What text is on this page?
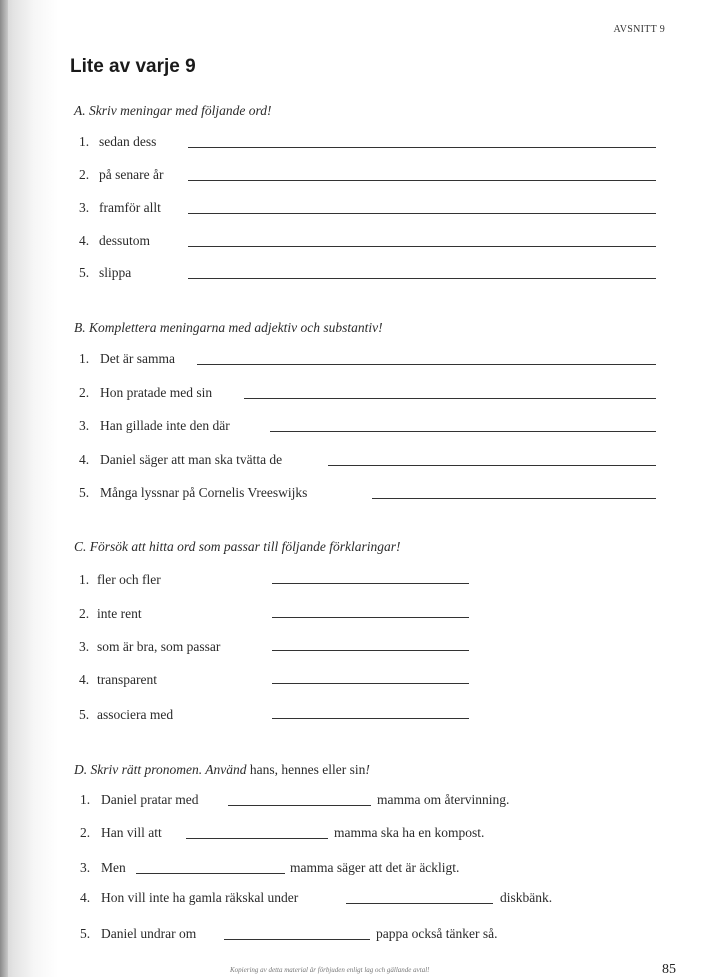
AVSNITT 9
Lite av varje 9
A. Skriv meningar med följande ord!
1. sedan dess
2. på senare år
3. framför allt
4. dessutom
5. slippa
B. Komplettera meningarna med adjektiv och substantiv!
1. Det är samma
2. Hon pratade med sin
3. Han gillade inte den där
4. Daniel säger att man ska tvätta de
5. Många lyssnar på Cornelis Vreeswijks
C. Försök att hitta ord som passar till följande förklaringar!
1. fler och fler
2. inte rent
3. som är bra, som passar
4. transparent
5. associera med
D. Skriv rätt pronomen. Använd hans, hennes eller sin!
1. Daniel pratar med	mamma om återvinning.
2. Han vill att	mamma ska ha en kompost.
3. Men	mamma säger att det är äckligt.
4. Hon vill inte ha gamla räkskal under	diskbänk.
5. Daniel undrar om	pappa också tänker så.
Kopiering av detta material är förbjuden enligt lag och gällande avtal!	85
